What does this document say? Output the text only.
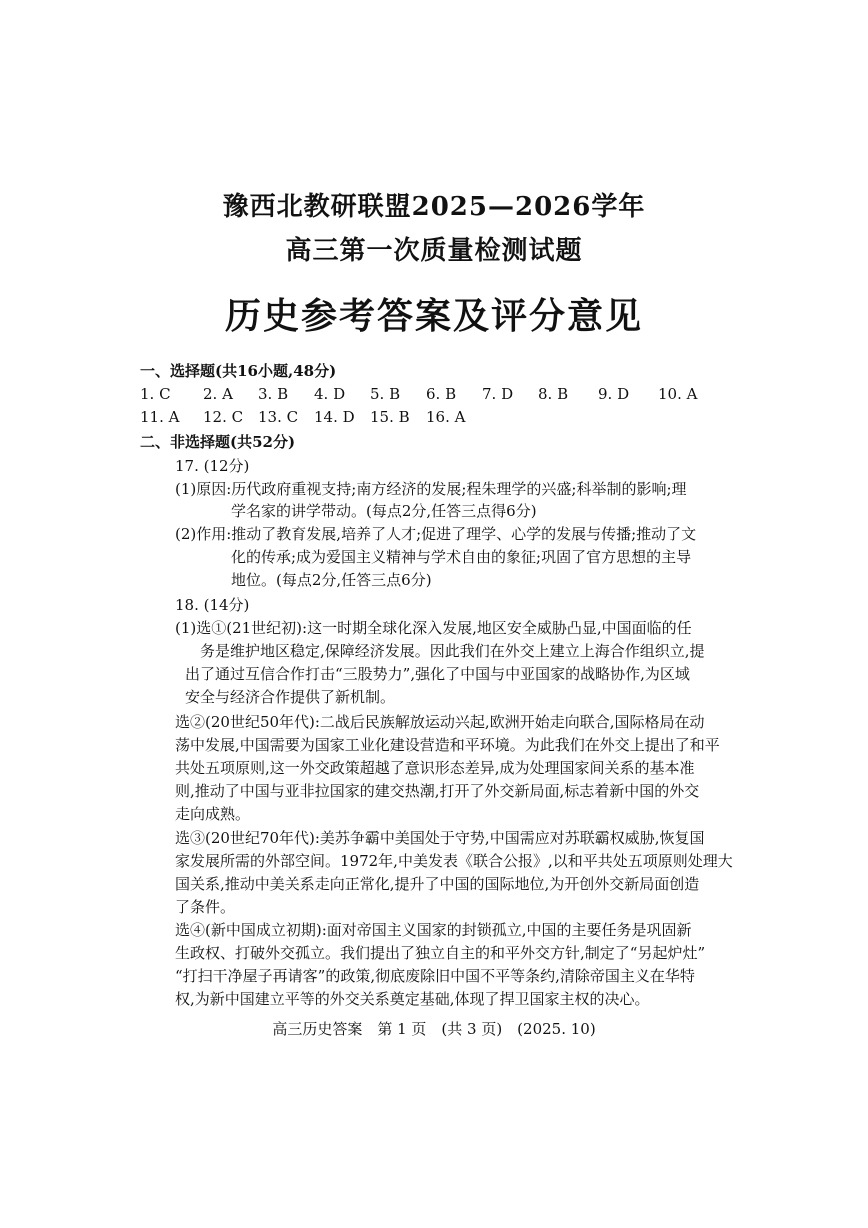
豫西北教研联盟2025—2026学年
高三第一次质量检测试题
历史参考答案及评分意见
一、选择题(共16小题,48分)
1. C 2. A 3. B 4. D 5. B 6. B 7. D 8. B 9. D 10. A
11. A 12. C 13. C 14. D 15. B 16. A
二、非选择题(共52分)
17. (12分)
(1)原因:历代政府重视支持;南方经济的发展;程朱理学的兴盛;科举制的影响;理
学名家的讲学带动。(每点2分,任答三点得6分)
(2)作用:推动了教育发展,培养了人才;促进了理学、心学的发展与传播;推动了文
化的传承;成为爱国主义精神与学术自由的象征;巩固了官方思想的主导
地位。(每点2分,任答三点6分)
18. (14分)
(1)选①(21世纪初):这一时期全球化深入发展,地区安全威胁凸显,中国面临的任
务是维护地区稳定,保障经济发展。因此我们在外交上建立上海合作组织立,提
出了通过互信合作打击“三股势力”,强化了中国与中亚国家的战略协作,为区域
安全与经济合作提供了新机制。
选②(20世纪50年代):二战后民族解放运动兴起,欧洲开始走向联合,国际格局在动
荡中发展,中国需要为国家工业化建设营造和平环境。为此我们在外交上提出了和平
共处五项原则,这一外交政策超越了意识形态差异,成为处理国家间关系的基本准
则,推动了中国与亚非拉国家的建交热潮,打开了外交新局面,标志着新中国的外交
走向成熟。
选③(20世纪70年代):美苏争霸中美国处于守势,中国需应对苏联霸权威胁,恢复国
家发展所需的外部空间。1972年,中美发表《联合公报》,以和平共处五项原则处理大
国关系,推动中美关系走向正常化,提升了中国的国际地位,为开创外交新局面创造
了条件。
选④(新中国成立初期):面对帝国主义国家的封锁孤立,中国的主要任务是巩固新
生政权、打破外交孤立。我们提出了独立自主的和平外交方针,制定了“另起炉灶”
“打扫干净屋子再请客”的政策,彻底废除旧中国不平等条约,清除帝国主义在华特
权,为新中国建立平等的外交关系奠定基础,体现了捍卫国家主权的决心。
高三历史答案　第 1 页　(共 3 页)　(2025. 10)
